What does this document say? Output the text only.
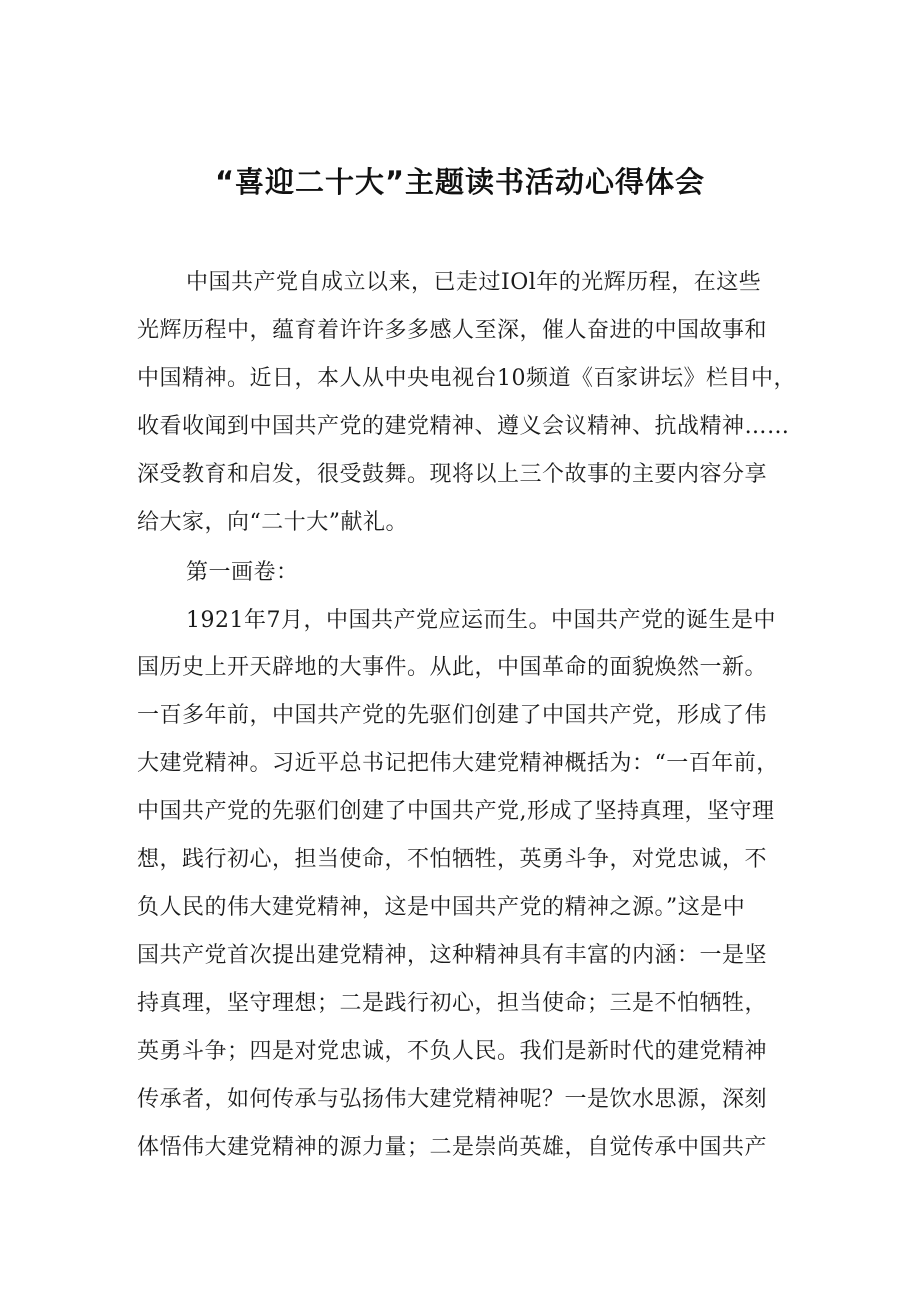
“喜迎二十大”主题读书活动心得体会
中国共产党自成立以来，已走过IOl年的光辉历程，在这些
光辉历程中，蕴育着许许多多感人至深，催人奋进的中国故事和
中国精神。近日，本人从中央电视台10频道《百家讲坛》栏目中，
收看收闻到中国共产党的建党精神、遵义会议精神、抗战精神……
深受教育和启发，很受鼓舞。现将以上三个故事的主要内容分享
给大家，向“二十大”献礼。
第一画卷：
1921年7月，中国共产党应运而生。中国共产党的诞生是中
国历史上开天辟地的大事件。从此，中国革命的面貌焕然一新。
一百多年前，中国共产党的先驱们创建了中国共产党，形成了伟
大建党精神。习近平总书记把伟大建党精神概括为：“一百年前，
中国共产党的先驱们创建了中国共产党,形成了坚持真理，坚守理
想，践行初心，担当使命，不怕牺牲，英勇斗争，对党忠诚，不
负人民的伟大建党精神，这是中国共产党的精神之源。”这是中
国共产党首次提出建党精神，这种精神具有丰富的内涵：一是坚
持真理，坚守理想；二是践行初心，担当使命；三是不怕牺牲，
英勇斗争；四是对党忠诚，不负人民。我们是新时代的建党精神
传承者，如何传承与弘扬伟大建党精神呢？一是饮水思源，深刻
体悟伟大建党精神的源力量；二是崇尚英雄，自觉传承中国共产
